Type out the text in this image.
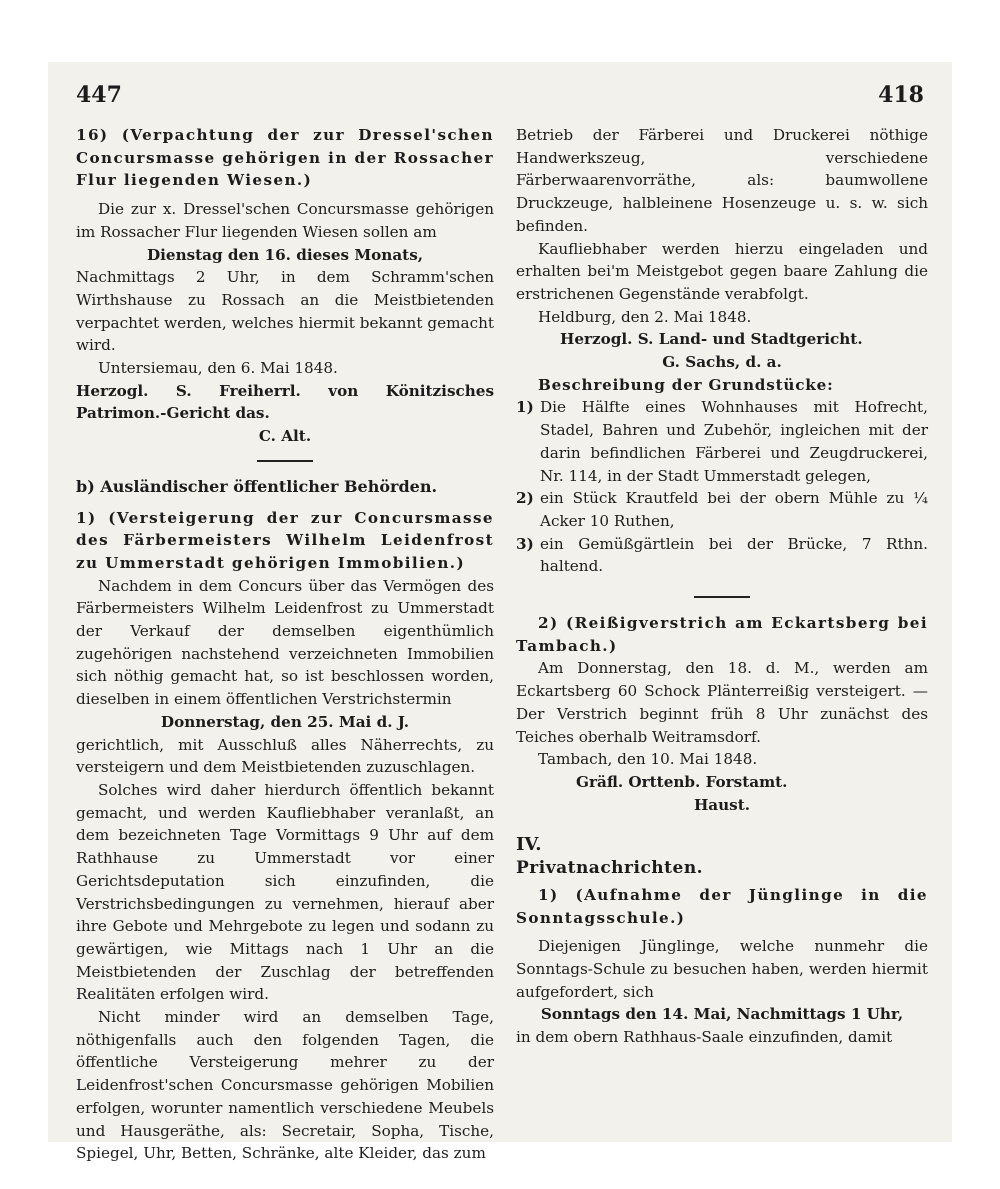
447	418

16) (Verpachtung der zur Dressel'schen Concursmasse gehörigen in der Rossacher Flur liegenden Wiesen.)

Die zur x. Dressel'schen Concursmasse gehörigen im Rossacher Flur liegenden Wiesen sollen am

Dienstag den 16. dieses Monats,

Nachmittags 2 Uhr, in dem Schramm'schen Wirthshause zu Rossach an die Meistbietenden verpachtet werden, welches hiermit bekannt gemacht wird.

Untersiemau, den 6. Mai 1848.

Herzogl. S. Freiherrl. von Könitzisches Patrimon.-Gericht das.

C. Alt.

b) Ausländischer öffentlicher Behörden.

1) (Versteigerung der zur Concursmasse des Färbermeisters Wilhelm Leidenfrost zu Ummerstadt gehörigen Immobilien.)

Nachdem in dem Concurs über das Vermögen des Färbermeisters Wilhelm Leidenfrost zu Ummerstadt der Verkauf der demselben eigenthümlich zugehörigen nachstehend verzeichneten Immobilien sich nöthig gemacht hat, so ist beschlossen worden, dieselben in einem öffentlichen Verstrichstermin

Donnerstag, den 25. Mai d. J.

gerichtlich, mit Ausschluß alles Näherrechts, zu versteigern und dem Meistbietenden zuzuschlagen.

Solches wird daher hierdurch öffentlich bekannt gemacht, und werden Kaufliebhaber veranlaßt, an dem bezeichneten Tage Vormittags 9 Uhr auf dem Rathhause zu Ummerstadt vor einer Gerichtsdeputation sich einzufinden, die Verstrichsbedingungen zu vernehmen, hierauf aber ihre Gebote und Mehrgebote zu legen und sodann zu gewärtigen, wie Mittags nach 1 Uhr an die Meistbietenden der Zuschlag der betreffenden Realitäten erfolgen wird.

Nicht minder wird an demselben Tage, nöthigenfalls auch den folgenden Tagen, die öffentliche Versteigerung mehrer zu der Leidenfrost'schen Concursmasse gehörigen Mobilien erfolgen, worunter namentlich verschiedene Meubels und Hausgeräthe, als: Secretair, Sopha, Tische, Spiegel, Uhr, Betten, Schränke, alte Kleider, das zum

Betrieb der Färberei und Druckerei nöthige Handwerkszeug, verschiedene Färberwaarenvorräthe, als: baumwollene Druckzeuge, halbleinene Hosenzeuge u. s. w. sich befinden.

Kaufliebhaber werden hierzu eingeladen und erhalten bei'm Meistgebot gegen baare Zahlung die erstrichenen Gegenstände verabfolgt.

Heldburg, den 2. Mai 1848.

Herzogl. S. Land- und Stadtgericht.

G. Sachs, d. a.

Beschreibung der Grundstücke:

1) Die Hälfte eines Wohnhauses mit Hofrecht, Stadel, Bahren und Zubehör, ingleichen mit der darin befindlichen Färberei und Zeugdruckerei, Nr. 114, in der Stadt Ummerstadt gelegen,
2) ein Stück Krautfeld bei der obern Mühle zu ¼ Acker 10 Ruthen,
3) ein Gemüßgärtlein bei der Brücke, 7 Rthn. haltend.

2) (Reißigverstrich am Eckartsberg bei Tambach.)

Am Donnerstag, den 18. d. M., werden am Eckartsberg 60 Schock Plänterreißig versteigert. — Der Verstrich beginnt früh 8 Uhr zunächst des Teiches oberhalb Weitramsdorf.

Tambach, den 10. Mai 1848.

Gräfl. Orttenb. Forstamt.

Haust.

IV.

Privatnachrichten.

1) (Aufnahme der Jünglinge in die Sonntagsschule.)

Diejenigen Jünglinge, welche nunmehr die Sonntags-Schule zu besuchen haben, werden hiermit aufgefordert, sich

Sonntags den 14. Mai, Nachmittags 1 Uhr,

in dem obern Rathhaus-Saale einzufinden, damit
